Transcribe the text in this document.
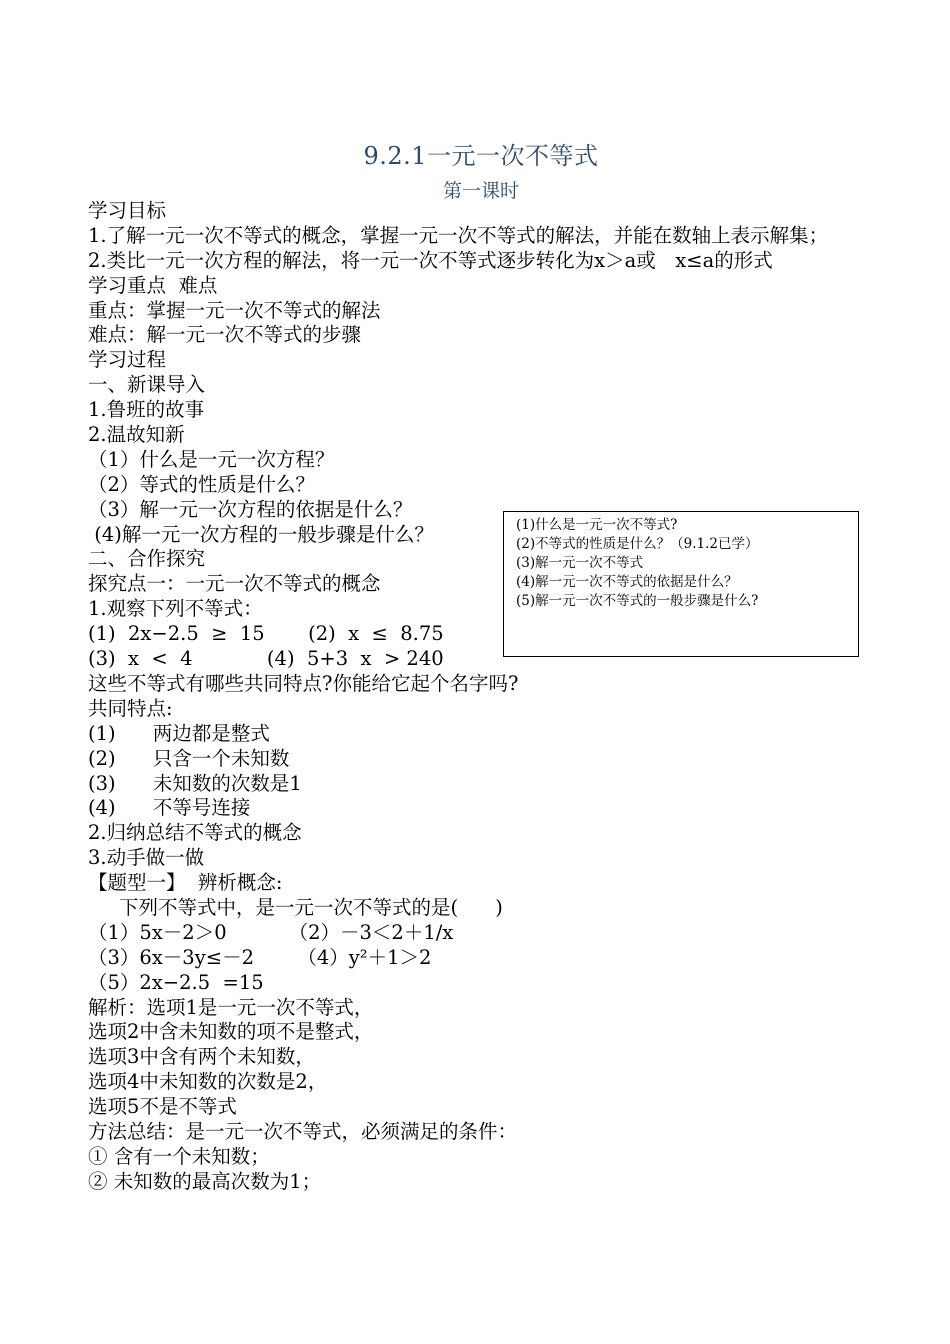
9.2.1一元一次不等式
第一课时
学习目标
1.了解一元一次不等式的概念，掌握一元一次不等式的解法，并能在数轴上表示解集；
2.类比一元一次方程的解法，将一元一次不等式逐步转化为x＞a或　x≤a的形式
学习重点  难点
重点：掌握一元一次不等式的解法
难点：解一元一次不等式的步骤
学习过程
一、新课导入
1.鲁班的故事
2.温故知新
（1）什么是一元一次方程？
（2）等式的性质是什么？
（3）解一元一次方程的依据是什么？
(4)解一元一次方程的一般步骤是什么？
二、合作探究
探究点一：一元一次不等式的概念
1.观察下列不等式：
(1)  2x−2.5  ≥  15       (2)  x  ≤  8.75
(3)  x  <  4            (4)  5+3  x  > 240
这些不等式有哪些共同特点?你能给它起个名字吗?
共同特点:
(1)      两边都是整式
(2)      只含一个未知数
(3)      未知数的次数是1
(4)      不等号连接
2.归纳总结不等式的概念
3.动手做一做
【题型一】  辨析概念:
下列不等式中，是一元一次不等式的是(      )
（1）5x－2＞0          （2）－3＜2＋1/x
（3）6x－3y≤－2       （4）y²＋1＞2
（5）2x−2.5  =15
解析：选项1是一元一次不等式，
选项2中含未知数的项不是整式，
选项3中含有两个未知数，
选项4中未知数的次数是2，
选项5不是不等式
方法总结：是一元一次不等式，必须满足的条件：
① 含有一个未知数；
② 未知数的最高次数为1；
(1)什么是一元一次不等式?
(2)不等式的性质是什么？（9.1.2已学）
(3)解一元一次不等式
(4)解一元一次不等式的依据是什么？
(5)解一元一次不等式的一般步骤是什么?
